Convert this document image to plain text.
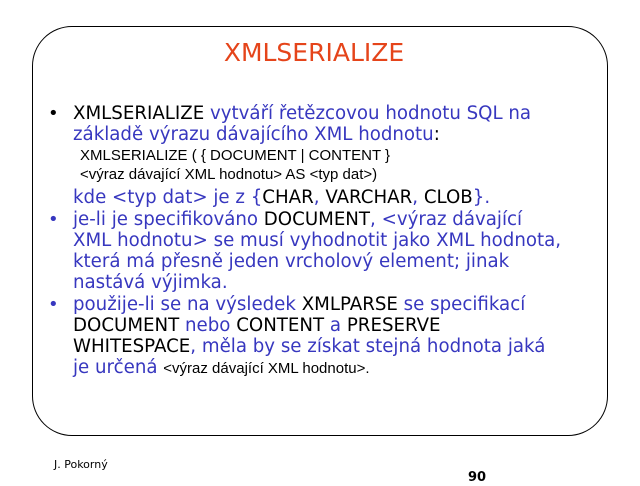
XMLSERIALIZE
• XMLSERIALIZE vytváří řetězcovou hodnotu SQL na
základě výrazu dávajícího XML hodnotu:
XMLSERIALIZE ( { DOCUMENT | CONTENT }
<výraz dávající XML hodnotu> AS <typ dat>)
kde <typ dat> je z {CHAR, VARCHAR, CLOB}.
• je-li je specifikováno DOCUMENT, <výraz dávající
XML hodnotu> se musí vyhodnotit jako XML hodnota,
která má přesně jeden vrcholový element; jinak
nastává výjimka.
• použije-li se na výsledek XMLPARSE se specifikací
DOCUMENT nebo CONTENT a PRESERVE
WHITESPACE, měla by se získat stejná hodnota jaká
je určená <výraz dávající XML hodnotu>.
J. Pokorný
90
